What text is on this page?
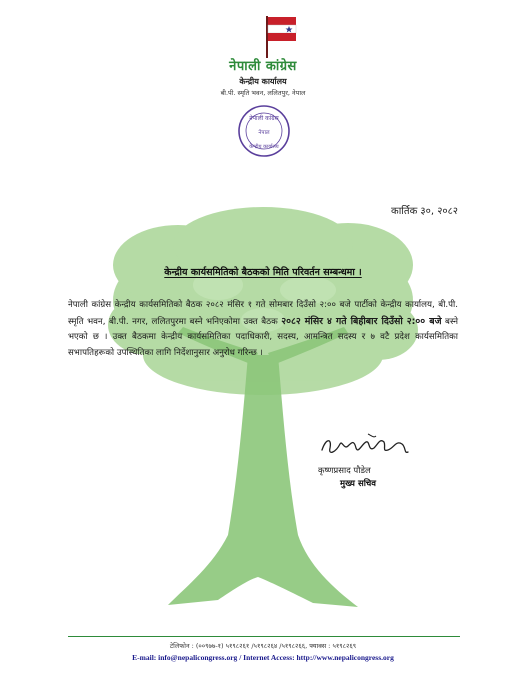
नेपाली कांग्रेस
केन्द्रीय कार्यालय
बी.पी. स्मृति भवन, ललितपुर, नेपाल
नेपाली कांग्रेस
नेपाल
केन्द्रीय कार्यालय
कार्तिक ३०, २०८२
केन्द्रीय कार्यसमितिको बैठकको मिति परिवर्तन सम्बन्धमा ।
नेपाली कांग्रेस केन्द्रीय कार्यसमितिको बैठक २०८२ मंसिर १ गते सोमबार दिउँसो २:०० बजे पार्टीको केन्द्रीय कार्यालय, बी.पी. स्मृति भवन, बी.पी. नगर, ललितपुरमा बस्ने भनिएकोमा उक्त बैठक २०८२ मंसिर ४ गते बिहीबार दिउँसो २:०० बजे बस्ने भएको छ । उक्त बैठकमा केन्द्रीय कार्यसमितिका पदाधिकारी, सदस्य, आमन्त्रित सदस्य र ७ वटै प्रदेश कार्यसमितिका सभापतिहरूको उपस्थितिका लागि निर्देशानुसार अनुरोध गरिन्छ ।
कृष्णप्रसाद पौडेल
मुख्य सचिव
टेलिफोन : (००९७७-१) ५१९८२६१ /५१९८२६४ /५१९८२६६, फ्याक्स : ५१९८२६९
E-mail: info@nepalicongress.org / Internet Access: http://www.nepalicongress.org
